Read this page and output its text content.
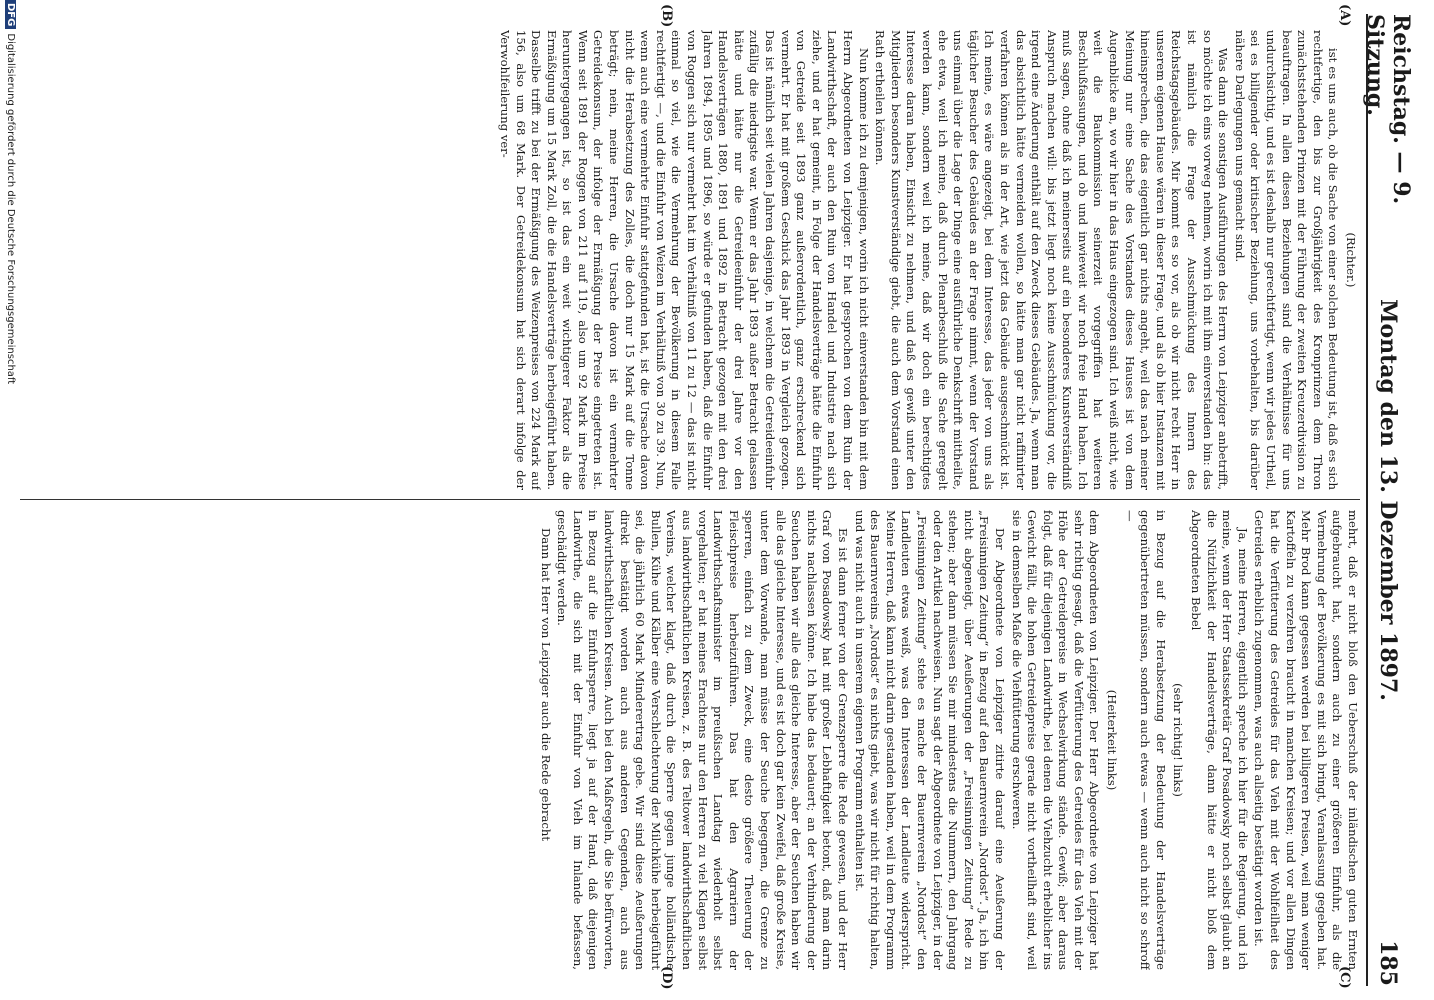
Reichstag. — 9. Sitzung.
Montag den 13. Dezember 1897.
185
(A)
(B)
(C)
(D)

(Richter.)

ist es uns auch, ob die Sache von einer solchen Bedeutung ist, daß es sich rechtfertige, den bis zur Großjährigkeit des Kronprinzen dem Thron zunächststehenden Prinzen mit der Führung der zweiten Kreuzerdivision zu beauftragen. In allen diesen Beziehungen sind die Verhältnisse für uns undurchsichtig, und es ist deshalb nur gerechtfertigt, wenn wir jedes Urtheil, sei es billigender oder kritischer Beziehung, uns vorbehalten, bis darüber nähere Darlegungen uns gemacht sind.

Was dann die sonstigen Ausführungen des Herrn von Leipziger anbetrifft, so möchte ich eins vorweg nehmen, worin ich mit ihm einverstanden bin: das ist nämlich die Frage der Ausschmückung des Innern des Reichstagsgebäudes. Mir kommt es so vor, als ob wir nicht recht Herr in unserem eigenen Hause wären in dieser Frage, und als ob hier Instanzen mit hineinsprechen, die das eigentlich gar nichts angeht, weil das nach meiner Meinung nur eine Sache des Vorstandes dieses Hauses ist von dem Augenblicke an, wo wir hier in das Haus eingezogen sind. Ich weiß nicht, wie weit die Baukommission seinerzeit vorgegriffen hat weiteren Beschlußfassungen, und ob und inwieweit wir noch freie Hand haben. Ich muß sagen, ohne daß ich meinerseits auf ein besonderes Kunstverständniß Anspruch machen will: bis jetzt liegt noch keine Ausschmückung vor, die irgend eine Änderung enthält auf den Zweck dieses Gebäudes. Ja, wenn man das absichtlich hätte vermeiden wollen, so hätte man gar nicht raffinirter verfahren können als in der Art, wie jetzt das Gebäude ausgeschmückt ist. Ich meine, es wäre angezeigt, bei dem Interesse, das jeder von uns als täglicher Besucher des Gebäudes an der Frage nimmt, wenn der Vorstand uns einmal über die Lage der Dinge eine ausführliche Denkschrift mittheilte, ehe etwa, weil ich meine, daß durch Plenarbeschluß die Sache geregelt werden kann, sondern weil ich meine, daß wir doch ein berechtigtes Interesse daran haben, Einsicht zu nehmen, und daß es gewiß unter den Mitgliedern besonders Kunstverständige giebt, die auch dem Vorstand einen Rath ertheilen können.

Nun komme ich zu demjenigen, worin ich nicht einverstanden bin mit dem Herrn Abgeordneten von Leipziger. Er hat gesprochen von dem Ruin der Landwirthschaft, der auch den Ruin von Handel und Industrie nach sich ziehe, und er hat gemeint, in Folge der Handelsverträge hätte die Einfuhr von Getreide seit 1893 ganz außerordentlich, ganz erschreckend sich vermehrt. Er hat mit großem Geschick das Jahr 1893 in Vergleich gezogen. Das ist nämlich seit vielen Jahren dasjenige, in welchem die Getreideeinfuhr zufällig die niedrigste war. Wenn er das Jahr 1893 außer Betracht gelassen hätte und hätte nur die Getreideeinfuhr der drei Jahre vor den Handelsverträgen 1880, 1891 und 1892 in Betracht gezogen mit den drei Jahren 1894, 1895 und 1896, so würde er gefunden haben, daß die Einfuhr von Roggen sich nur vermehrt hat im Verhältniß von 11 zu 12 — das ist nicht einmal so viel, wie die Vermehrung der Bevölkerung in diesem Falle rechtfertigt —, und die Einfuhr von Weizen im Verhältniß von 30 zu 39. Nun, wenn auch eine vermehrte Einfuhr stattgefunden hat, ist die Ursache davon nicht die Herabsetzung des Zolles, die doch nur 15 Mark auf die Tonne beträgt; nein, meine Herren, die Ursache davon ist ein vermehrter Getreidekonsum, der infolge der Ermäßigung der Preise eingetreten ist. Wenn seit 1891 der Roggen von 211 auf 119, also um 92 Mark im Preise heruntergegangen ist, so ist das ein weit wichtigerer Faktor als die Ermäßigung um 15 Mark Zoll, die die Handelsverträge herbeigeführt haben. Dasselbe trifft zu bei der Ermäßigung des Weizenpreises von 224 Mark auf 156, also um 68 Mark. Der Getreidekonsum hat sich derart infolge der Verwohlfeilerung ver-

mehrt, daß er nicht bloß den Ueberschuß der inländischen guten Ernten aufgebraucht hat, sondern auch zu einer größeren Einfuhr, als die Vermehrung der Bevölkerung es mit sich bringt, Veranlassung gegeben hat. Mehr Brod kann gegessen werden bei billigeren Preisen, weil man weniger Kartoffeln zu verzehren braucht in manchen Kreisen; und vor allen Dingen hat die Verfütterung des Getreides für das Vieh mit der Wohlfeilheit des Getreides erheblich zugenommen, was auch allseitig bestätigt worden ist.

Ja, meine Herren, eigentlich spreche ich hier für die Regierung, und ich meine, wenn der Herr Staatssekretär Graf Posadowsky noch selbst glaubt an die Nützlichkeit der Handelsverträge, dann hätte er nicht bloß dem Abgeordneten Bebel

(sehr richtig! links)

in Bezug auf die Herabsetzung der Bedeutung der Handelsverträge gegenübertreten müssen, sondern auch etwas — wenn auch nicht so schroff —

(Heiterkeit links)

dem Abgeordneten von Leipziger. Der Herr Abgeordnete von Leipziger hat sehr richtig gesagt, daß die Verfütterung des Getreides für das Vieh mit der Höhe der Getreidepreise in Wechselwirkung stände. Gewiß; aber daraus folgt, daß für diejenigen Landwirthe, bei denen die Viehzucht erheblicher ins Gewicht fällt, die hohen Getreidepreise gerade nicht vortheilhaft sind, weil sie in demselben Maße die Viehfütterung erschweren.

Der Abgeordnete von Leipziger zitirte darauf eine Aeußerung der „Freisinnigen Zeitung“ in Bezug auf den Bauernverein „Nordost“. Ja, ich bin nicht abgeneigt, über Aeußerungen der „Freisinnigen Zeitung“ Rede zu stehen; aber dann müssen Sie mir mindestens die Nummern, den Jahrgang oder den Artikel nachweisen. Nun sagt der Abgeordnete von Leipziger, in der „Freisinnigen Zeitung“ stehe es mache der Bauernverein „Nordost“ den Landleuten etwas weiß, was den Interessen der Landleute widerspricht. Meine Herren, daß kann nicht darin gestanden haben, weil in dem Programm des Bauernvereins „Nordost“ es nichts giebt, was wir nicht für richtig halten, und was nicht auch in unserem eigenen Programm enthalten ist.

Es ist dann ferner von der Grenzsperre die Rede gewesen, und der Herr Graf von Posadowsky hat mit großer Lebhaftigkeit betont, daß man darin nichts nachlassen könne. Ich habe das bedauert; an der Verhinderung der Seuchen haben wir alle das gleiche Interesse, aber der Seuchen haben wir alle das gleiche Interesse, und es ist doch gar kein Zweifel, daß große Kreise, unter dem Vorwande, man müsse der Seuche begegnen, die Grenze zu sperren, einfach zu dem Zweck, eine desto größere Theuerung der Fleischpreise herbeizuführen. Das hat den Agrariern der Landwirthschaftsminister im preußischen Landtag wiederholt selbst vorgehalten; er hat meines Erachtens nur den Herren zu viel Klagen selbst aus landwirthschaftlichen Kreisen, z. B. des Teltower landwirthschaftlichen Vereins, welcher klagt, daß durch die Sperre gegen junge holländische Bullen, Kühe und Kälber eine Verschlechterung der Milchkühe herbeigeführt sei, die jährlich 60 Mark Minderertrag gebe. Wir sind diese Aeußerungen direkt bestätigt worden auch aus anderen Gegenden, auch aus landwirthschaftlichen Kreisen. Auch bei den Maßregeln, die Sie befürworten, in Bezug auf die Einfuhrsperre, liegt ja auf der Hand, daß diejenigen Landwirthe, die sich mit der Einfuhr von Vieh im Inlande befassen, geschädigt werden.

Dann hat Herr von Leipziger auch die Rede gebracht

DFGDigitalisierung gefördert durch die Deutsche Forschungsgemeinschaft
